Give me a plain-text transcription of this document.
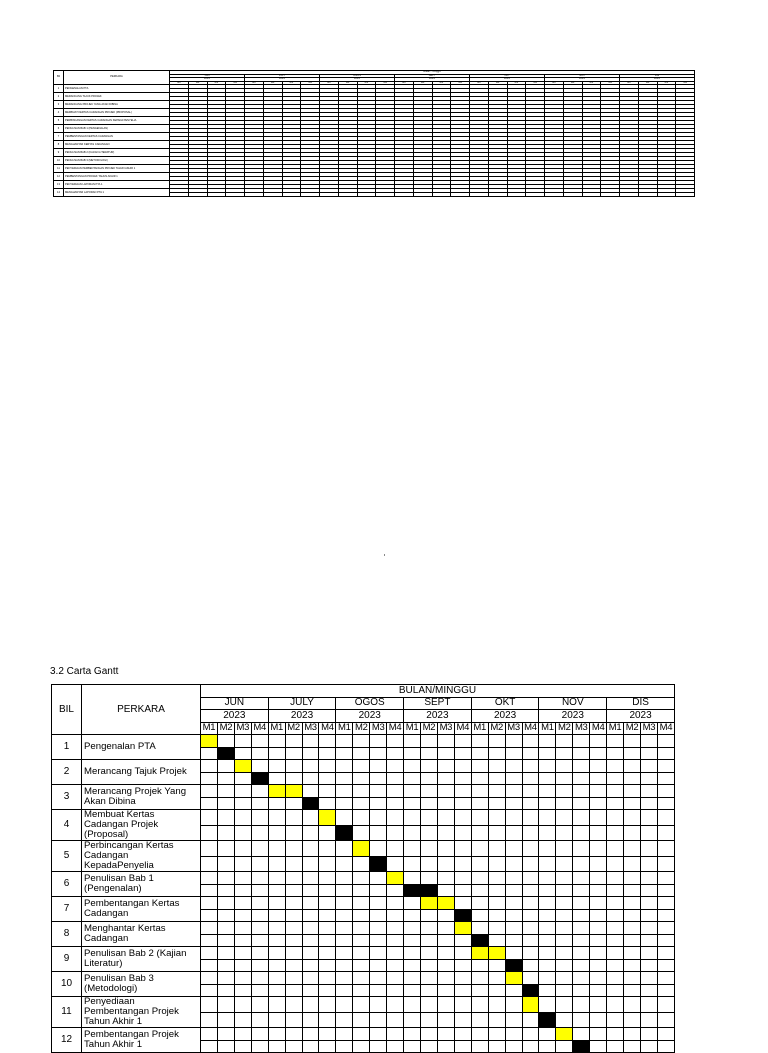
Bil	PERKARA	Bulan / minggu																											
		JUN				JULY				OGOS				SEPT				OKT				NOV				DIS			
		2023				2023				2023				2023				2023				2023				2023			
		M1	M2	M3	M4	M1	M2	M3	M4	M1	M2	M3	M4	M1	M2	M3	M4	M1	M2	M3	M4	M1	M2	M3	M4	M1	M2	M3	M4
1	PENGENALAN PTA																												

2	MERANCANG TAJUK PROJEK																												

3	MERANCANG PROJEK YANG AKAN DIBINA																												

4	MEMBUAT KERTAS CADANGAN PROJEK (PROPOSAL)																												

5	PERBINCANGAN KERTAS CADANGAN KEPADA PENYELIA																												

6	PENULISAN BAB 1 (PENGENALAN)																												

7	PEMBENTANGAN KERTAS CADANGAN																												

8	MENGHANTAR KERTAS CADANGAN																												

9	PENULISAN BAB 2 (KAJIAN LITERATUR)																												

10	PENULISAN BAB 3 (METODOLOGI)																												

11	PENYEDIAAN PEMBENTANGAN PROJEK TAHUN AKHIR 1																												

12	PEMBENTANGAN PROJEK TAHUN AKHIR 1																												

13	PENYEDIAAN LAPORAN PTA 1																												

14	MENGHANTAR LAPORAN PTA 1																												

3.2 Carta Gantt
BIL	PERKARA	BULAN/MINGGU																											
		JUN				JULY				OGOS				SEPT				OKT				NOV				DIS			
		2023				2023				2023				2023				2023				2023				2023			
		M1	M2	M3	M4	M1	M2	M3	M4	M1	M2	M3	M4	M1	M2	M3	M4	M1	M2	M3	M4	M1	M2	M3	M4	M1	M2	M3	M4
1	Pengenalan PTA																												

2	Merancang Tajuk Projek																												

3	Merancang Projek Yang Akan Dibina																												

4	Membuat Kertas Cadangan Projek (Proposal)																												

5	Perbincangan Kertas Cadangan KepadaPenyelia																												

6	Penulisan Bab 1 (Pengenalan)																												

7	Pembentangan Kertas Cadangan																												

8	Menghantar Kertas Cadangan																												

9	Penulisan Bab 2 (Kajian Literatur)																												

10	Penulisan Bab 3 (Metodologi)																												

11	Penyediaan Pembentangan Projek Tahun Akhir 1																												

12	Pembentangan Projek Tahun Akhir 1																												
